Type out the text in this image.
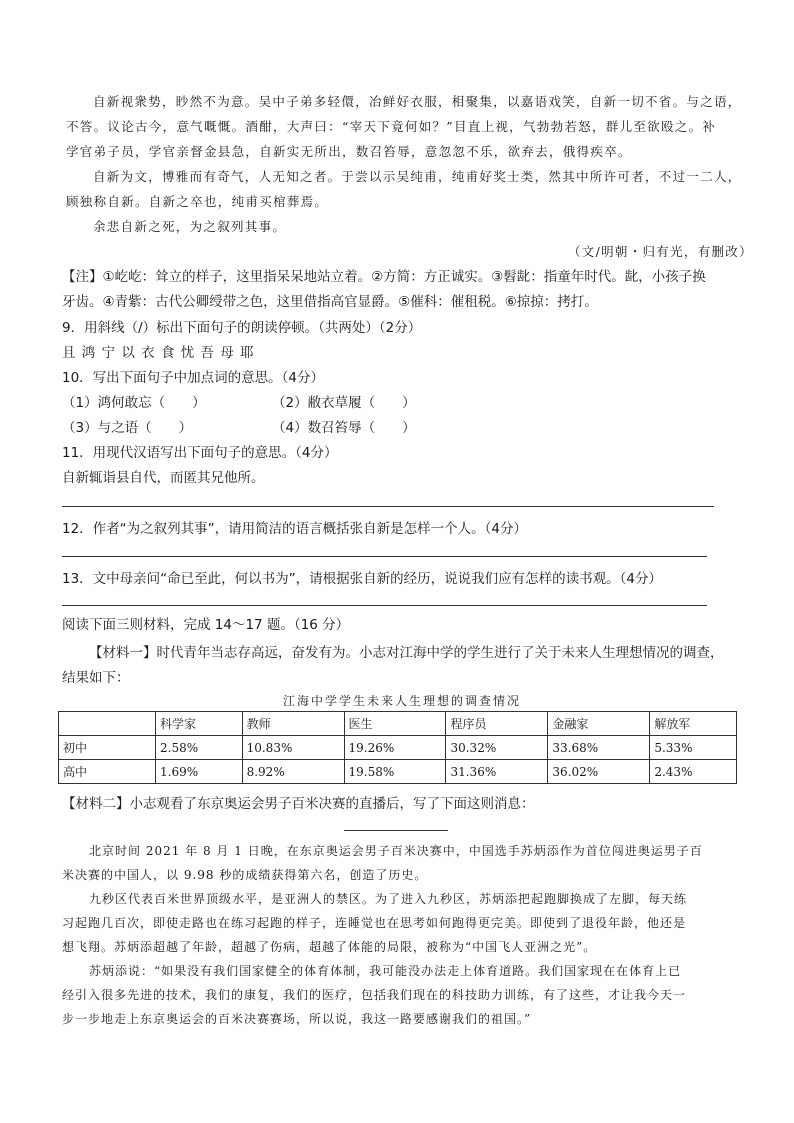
自新视衆势，眇然不为意。吴中子弟多轻儇，冶鲜好衣服，相聚集，以嘉语戏笑，自新一切不省。与之语，
不答。议论古今，意气嘅慨。酒酣，大声曰：“宰天下竟何如？”目直上视，气勃勃若怒，群儿至欲殴之。补
学官弟子员，学官亲督金县急，自新实无所出，数召笞辱，意忽忽不乐，欲弃去，俄得疾卒。
自新为文，博雅而有奇气，人无知之者。于尝以示吴纯甫，纯甫好奖士类，然其中所许可者，不过一二人，
顾独称自新。自新之卒也，纯甫买棺葬焉。
余悲自新之死，为之叙列其事。
（文/明朝・归有光，有删改）
【注】①屹屹：耸立的样子，这里指呆呆地站立着。②方简：方正诚实。③髫龀：指童年时代。龀，小孩子换
牙齿。④青紫：古代公卿绶带之色，这里借指高官显爵。⑤催科：催租税。⑥掠掠：拷打。
9．用斜线（/）标出下面句子的朗读停顿。（共两处）（2分）
且 鸿 宁 以 衣 食 忧 吾 母 耶
10．写出下面句子中加点词的意思。（4分）
（1）鸿何敢忘（　　）	（2）敝衣草履（　　）
（3）与之语（　　）	（4）数召笞辱（　　）
11．用现代汉语写出下面句子的意思。（4分）
自新辄诣县自代，而匿其兄他所。
12．作者“为之叙列其事”，请用简洁的语言概括张自新是怎样一个人。（4分）
13．文中母亲问“命已至此，何以书为”，请根据张自新的经历，说说我们应有怎样的读书观。（4分）
阅读下面三则材料，完成 14～17 题。（16 分）
【材料一】时代青年当志存高远，奋发有为。小志对江海中学的学生进行了关于未来人生理想情况的调查，
结果如下：
江海中学学生未来人生理想的调查情况
	科学家	教师	医生	程序员	金融家	解放军
初中	2.58%	10.83%	19.26%	30.32%	33.68%	5.33%
高中	1.69%	8.92%	19.58%	31.36%	36.02%	2.43%
【材料二】小志观看了东京奥运会男子百米决赛的直播后，写了下面这则消息：
北京时间 2021 年 8 月 1 日晚，在东京奥运会男子百米决赛中，中国选手苏炳添作为首位闯进奥运男子百
米决赛的中国人，以 9.98 秒的成绩获得第六名，创造了历史。
九秒区代表百米世界顶级水平，是亚洲人的禁区。为了进入九秒区，苏炳添把起跑脚换成了左脚，每天练
习起跑几百次，即使走路也在练习起跑的样子，连睡觉也在思考如何跑得更完美。即使到了退役年龄，他还是
想飞翔。苏炳添超越了年龄，超越了伤病，超越了体能的局限，被称为“中国飞人亚洲之光”。
苏炳添说：“如果没有我们国家健全的体育体制，我可能没办法走上体育道路。我们国家现在在体育上已
经引入很多先进的技术，我们的康复，我们的医疗，包括我们现在的科技助力训练，有了这些，才让我今天一
步一步地走上东京奥运会的百米决赛赛场，所以说，我这一路要感谢我们的祖国。”
